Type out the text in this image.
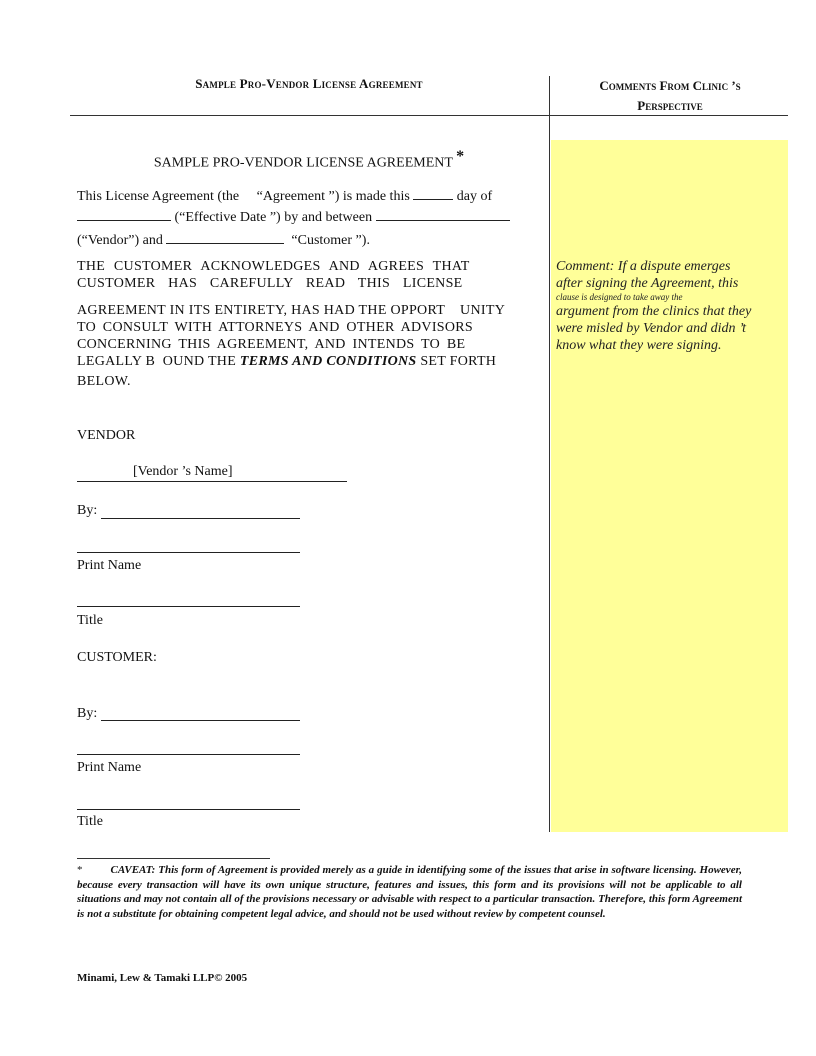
Sample Pro-Vendor License Agreement	Comments From Clinic ’s
Perspective
SAMPLE PRO-VENDOR LICENSE AGREEMENT *
This License Agreement (the “Agreement ”) is made this	day of
(“Effective Date ”) by and between
(“Vendor”) and	“Customer ”).
THE CUSTOMER ACKNOWLEDGES AND AGREES THAT
CUSTOMER HAS CAREFULLY READ THIS LICENSE
AGREEMENT IN ITS ENTIRETY, HAS HAD THE OPPORT    UNITY
TO CONSULT WITH ATTORNEYS AND OTHER ADVISORS
CONCERNING THIS AGREEMENT, AND INTENDS TO BE
LEGALLY B  OUND THE TERMS AND CONDITIONS SET FORTH
BELOW.
Comment: If a dispute emerges
after signing the Agreement, this
clause is designed to take away the
argument from the clinics that they
were misled by Vendor and didn ’t
know what they were signing.
VENDOR
[Vendor ’s Name]
By:
Print Name
Title
CUSTOMER:
By:
Print Name
Title
*	CAVEAT: This form of Agreement is provided merely as a guide in identifying some of the issues that arise in software licensing. However, because every transaction will have its own unique structure, features and issues, this form and its provisions will not be applicable to all situations and may not contain all of the provisions necessary or advisable with respect to a particular transaction. Therefore, this form Agreement is not a substitute for obtaining competent legal advice, and should not be used without review by competent counsel.
Minami, Lew & Tamaki LLP© 2005
